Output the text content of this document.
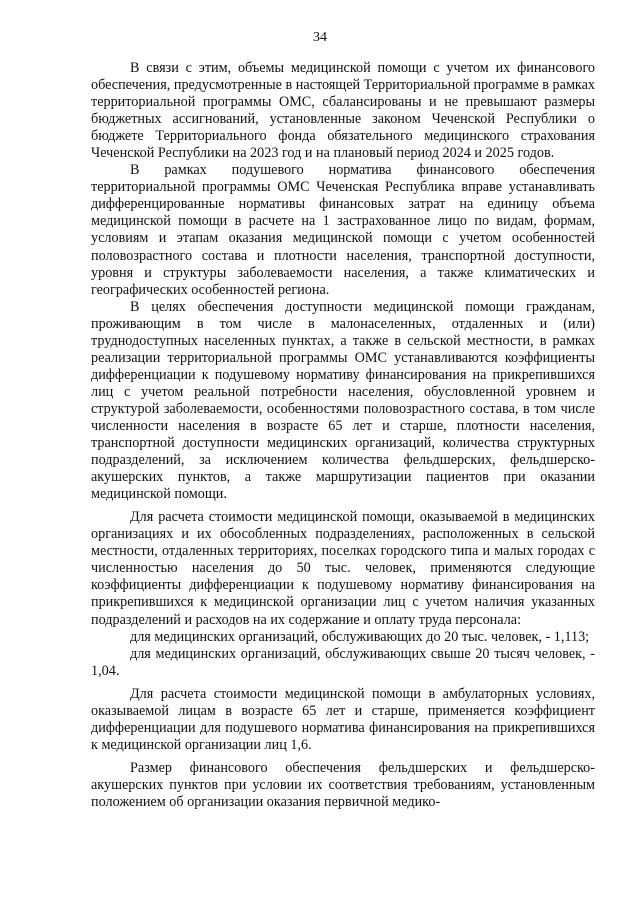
34

В связи с этим, объемы медицинской помощи с учетом их финансового обеспечения, предусмотренные в настоящей Территориальной программе в рамках территориальной программы ОМС, сбалансированы и не превышают размеры бюджетных ассигнований, установленные законом Чеченской Республики о бюджете Территориального фонда обязательного медицинского страхования Чеченской Республики на 2023 год и на плановый период 2024 и 2025 годов.

В рамках подушевого норматива финансового обеспечения территориальной программы ОМС Чеченская Республика вправе устанавливать дифференцированные нормативы финансовых затрат на единицу объема медицинской помощи в расчете на 1 застрахованное лицо по видам, формам, условиям и этапам оказания медицинской помощи с учетом особенностей половозрастного состава и плотности населения, транспортной доступности, уровня и структуры заболеваемости населения, а также климатических и географических особенностей региона.

В целях обеспечения доступности медицинской помощи гражданам, проживающим в том числе в малонаселенных, отдаленных и (или) труднодоступных населенных пунктах, а также в сельской местности, в рамках реализации территориальной программы ОМС устанавливаются коэффициенты дифференциации к подушевому нормативу финансирования на прикрепившихся лиц с учетом реальной потребности населения, обусловленной уровнем и структурой заболеваемости, особенностями половозрастного состава, в том числе численности населения в возрасте 65 лет и старше, плотности населения, транспортной доступности медицинских организаций, количества структурных подразделений, за исключением количества фельдшерских, фельдшерско-акушерских пунктов, а также маршрутизации пациентов при оказании медицинской помощи.

Для расчета стоимости медицинской помощи, оказываемой в медицинских организациях и их обособленных подразделениях, расположенных в сельской местности, отдаленных территориях, поселках городского типа и малых городах с численностью населения до 50 тыс. человек, применяются следующие коэффициенты дифференциации к подушевому нормативу финансирования на прикрепившихся к медицинской организации лиц с учетом наличия указанных подразделений и расходов на их содержание и оплату труда персонала:

для медицинских организаций, обслуживающих до 20 тыс. человек, - 1,113;

для медицинских организаций, обслуживающих свыше 20 тысяч человек, - 1,04.

Для расчета стоимости медицинской помощи в амбулаторных условиях, оказываемой лицам в возрасте 65 лет и старше, применяется коэффициент дифференциации для подушевого норматива финансирования на прикрепившихся к медицинской организации лиц 1,6.

Размер финансового обеспечения фельдшерских и фельдшерско-акушерских пунктов при условии их соответствия требованиям, установленным положением об организации оказания первичной медико-
